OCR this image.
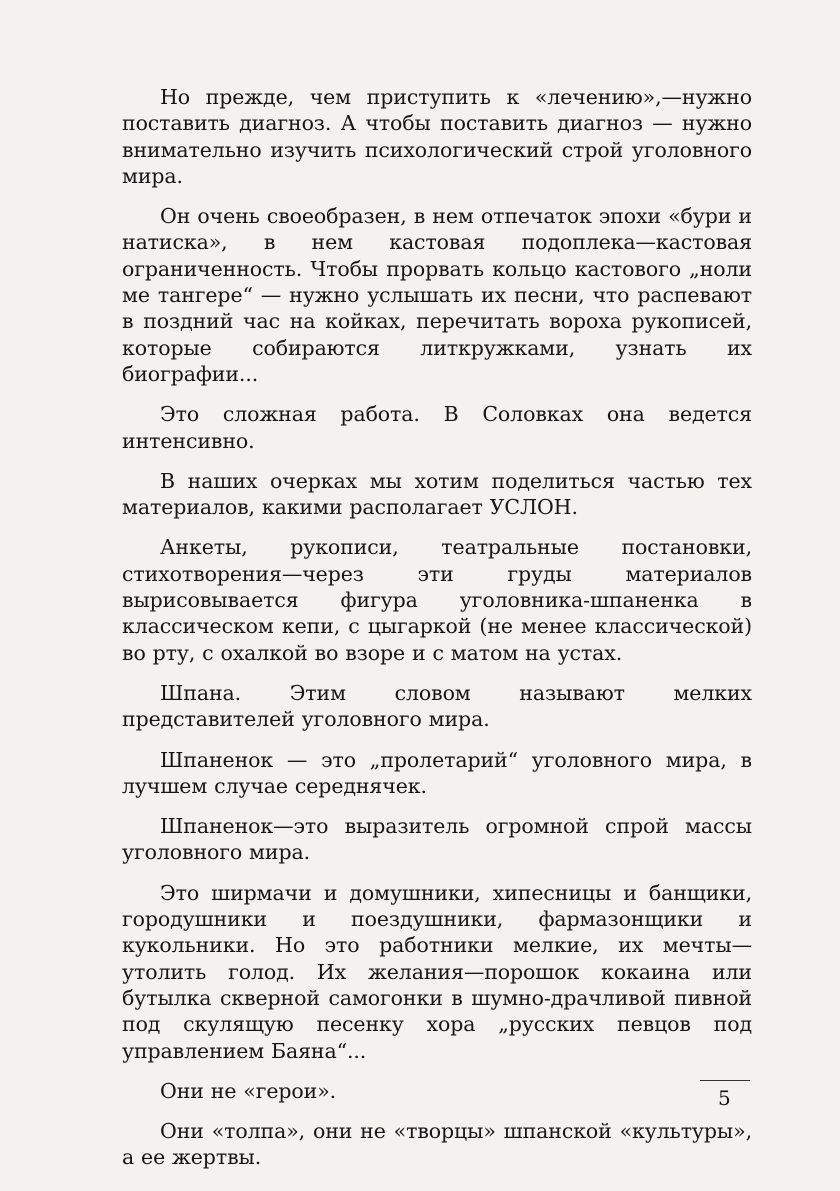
Но прежде, чем приступить к «лечению»,—нужно поставить диагноз. А чтобы поставить диагноз — нужно внимательно изучить психологический строй уголовного мира.

Он очень своеобразен, в нем отпечаток эпохи «бури и натиска», в нем кастовая подоплека—кастовая ограниченность. Чтобы прорвать кольцо кастового „ноли ме тангере“ — нужно услышать их песни, что распевают в поздний час на койках, перечитать вороха рукописей, которые собираются литкружками, узнать их биографии...

Это сложная работа. В Соловках она ведется интенсивно.

В наших очерках мы хотим поделиться частью тех материалов, какими располагает УСЛОН.

Анкеты, рукописи, театральные постановки, стихотворения—через эти груды материалов вырисовывается фигура уголовника-шпаненка в классическом кепи, с цыгаркой (не менее классической) во рту, с охалкой во взоре и с матом на устах.

Шпана. Этим словом называют мелких представителей уголовного мира.

Шпаненок — это „пролетарий“ уголовного мира, в лучшем случае середнячек.

Шпаненок—это выразитель огромной спрой массы уголовного мира.

Это ширмачи и домушники, хипесницы и банщики, городушники и поездушники, фармазонщики и кукольники. Но это работники мелкие, их мечты— утолить голод. Их желания—порошок кокаина или бутылка скверной самогонки в шумно-драчливой пивной под скулящую песенку хора „русских певцов под управлением Баяна“...

Они не «герои».

Они «толпа», они не «творцы» шпанской «культуры», а ее жертвы.

5
